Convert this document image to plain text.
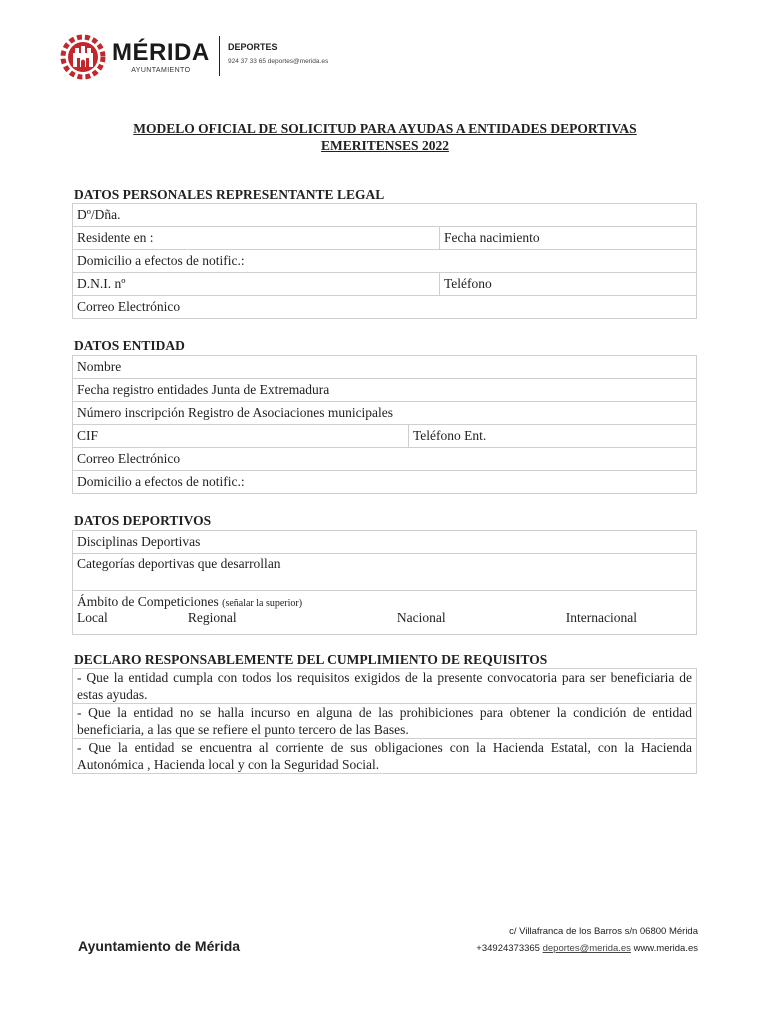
MÉRIDA
AYUNTAMIENTO
DEPORTES
924 37 33 65 deportes@merida.es
MODELO OFICIAL DE SOLICITUD PARA AYUDAS A ENTIDADES DEPORTIVAS
EMERITENSES 2022
DATOS PERSONALES REPRESENTANTE LEGAL
Dº/Dña.	
Residente en :	Fecha nacimiento
Domicilio a efectos de notific.:	
D.N.I. nº	Teléfono
Correo Electrónico	
DATOS ENTIDAD
Nombre
Fecha registro entidades Junta de Extremadura
Número inscripción Registro de Asociaciones municipales
CIF	Teléfono Ent.
Correo Electrónico
Domicilio a efectos de notific.:
DATOS DEPORTIVOS
Disciplinas Deportivas
Categorías deportivas que desarrollan

Ámbito de Competiciones (señalar la superior)
Local	Regional	Nacional	Internacional
DECLARO RESPONSABLEMENTE DEL CUMPLIMIENTO DE REQUISITOS
- Que la entidad cumpla con todos los requisitos exigidos de la presente convocatoria para ser beneficiaria de estas ayudas.
- Que la entidad no se halla incurso en alguna de las prohibiciones para obtener la condición de entidad beneficiaria, a las que se refiere el punto tercero de las Bases.
- Que la entidad se encuentra al corriente de sus obligaciones con la Hacienda Estatal, con la Hacienda Autonómica , Hacienda local y con la Seguridad Social.
Ayuntamiento de Mérida
c/ Villafranca de los Barros s/n 06800 Mérida
+34924373365 deportes@merida.es www.merida.es
